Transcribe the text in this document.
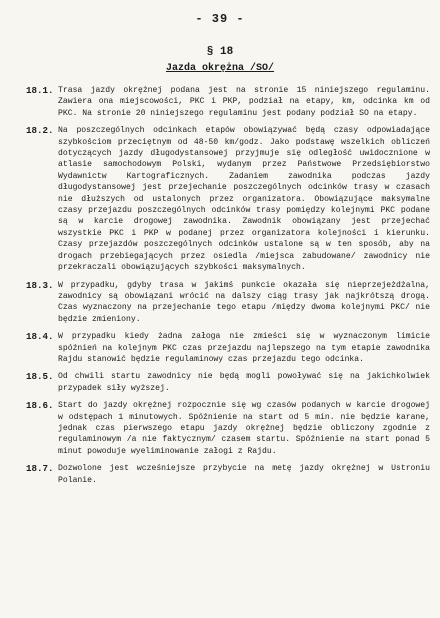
- 39 -
§ 18
Jazda okrężna /SO/
18.1. Trasa jazdy okrężnej podana jest na stronie 15 niniejszego regulaminu. Zawiera ona miejscowości, PKC i PKP, podział na etapy, km, odcinka km od PKC. Na stronie 20 niniejszego regulaminu jest podany podział SO na etapy.
18.2. Na poszczególnych odcinkach etapów obowiązywać będą czasy odpowiadające szybkościom przeciętnym od 48-50 km/godz. Jako podstawę wszelkich obliczeń dotyczących jazdy długodystansowej przyjmuje się odległość uwidocznione w atlasie samochodowym Polski, wydanym przez Państwowe Przedsiębiorstwo Wydawnictw Kartograficznych. Zadaniem zawodnika podczas jazdy długodystansowej jest przejechanie poszczególnych odcinków trasy w czasach nie dłuższych od ustalonych przez organizatora. Obowiązujące maksymalne czasy przejazdu poszczególnych odcinków trasy pomiędzy kolejnymi PKC podane są w karcie drogowej zawodnika. Zawodnik obowiązany jest przejechać wszystkie PKC i PKP w podanej przez organizatora kolejności i kierunku. Czasy przejazdów poszczególnych odcinków ustalone są w ten sposób, aby na drogach przebiegających przez osiedla /miejsca zabudowane/ zawodnicy nie przekraczali obowiązujących szybkości maksymalnych.
18.3. W przypadku, gdyby trasa w jakimś punkcie okazała się nieprzejeżdżalna, zawodnicy są obowiązani wrócić na dalszy ciąg trasy jak najkrótszą drogą. Czas wyznaczony na przejechanie tego etapu /między dwoma kolejnymi PKC/ nie będzie zmieniony.
18.4. W przypadku kiedy żadna załoga nie zmieści się w wyznaczonym limicie spóźnień na kolejnym PKC czas przejazdu najlepszego na tym etapie zawodnika Rajdu stanowić będzie regulaminowy czas przejazdu tego odcinka.
18.5. Od chwili startu zawodnicy nie będą mogli powoływać się na jakichkolwiek przypadek siły wyższej.
18.6. Start do jazdy okrężnej rozpocznie się wg czasów podanych w karcie drogowej w odstępach 1 minutowych. Spóźnienie na start od 5 min. nie będzie karane, jednak czas pierwszego etapu jazdy okrężnej będzie obliczony zgodnie z regulaminowym /a nie faktycznym/ czasem startu. Spóźnienie na start ponad 5 minut powoduje wyeliminowanie załogi z Rajdu.
18.7. Dozwolone jest wcześniejsze przybycie na metę jazdy okrężnej w Ustroniu Polanie.
